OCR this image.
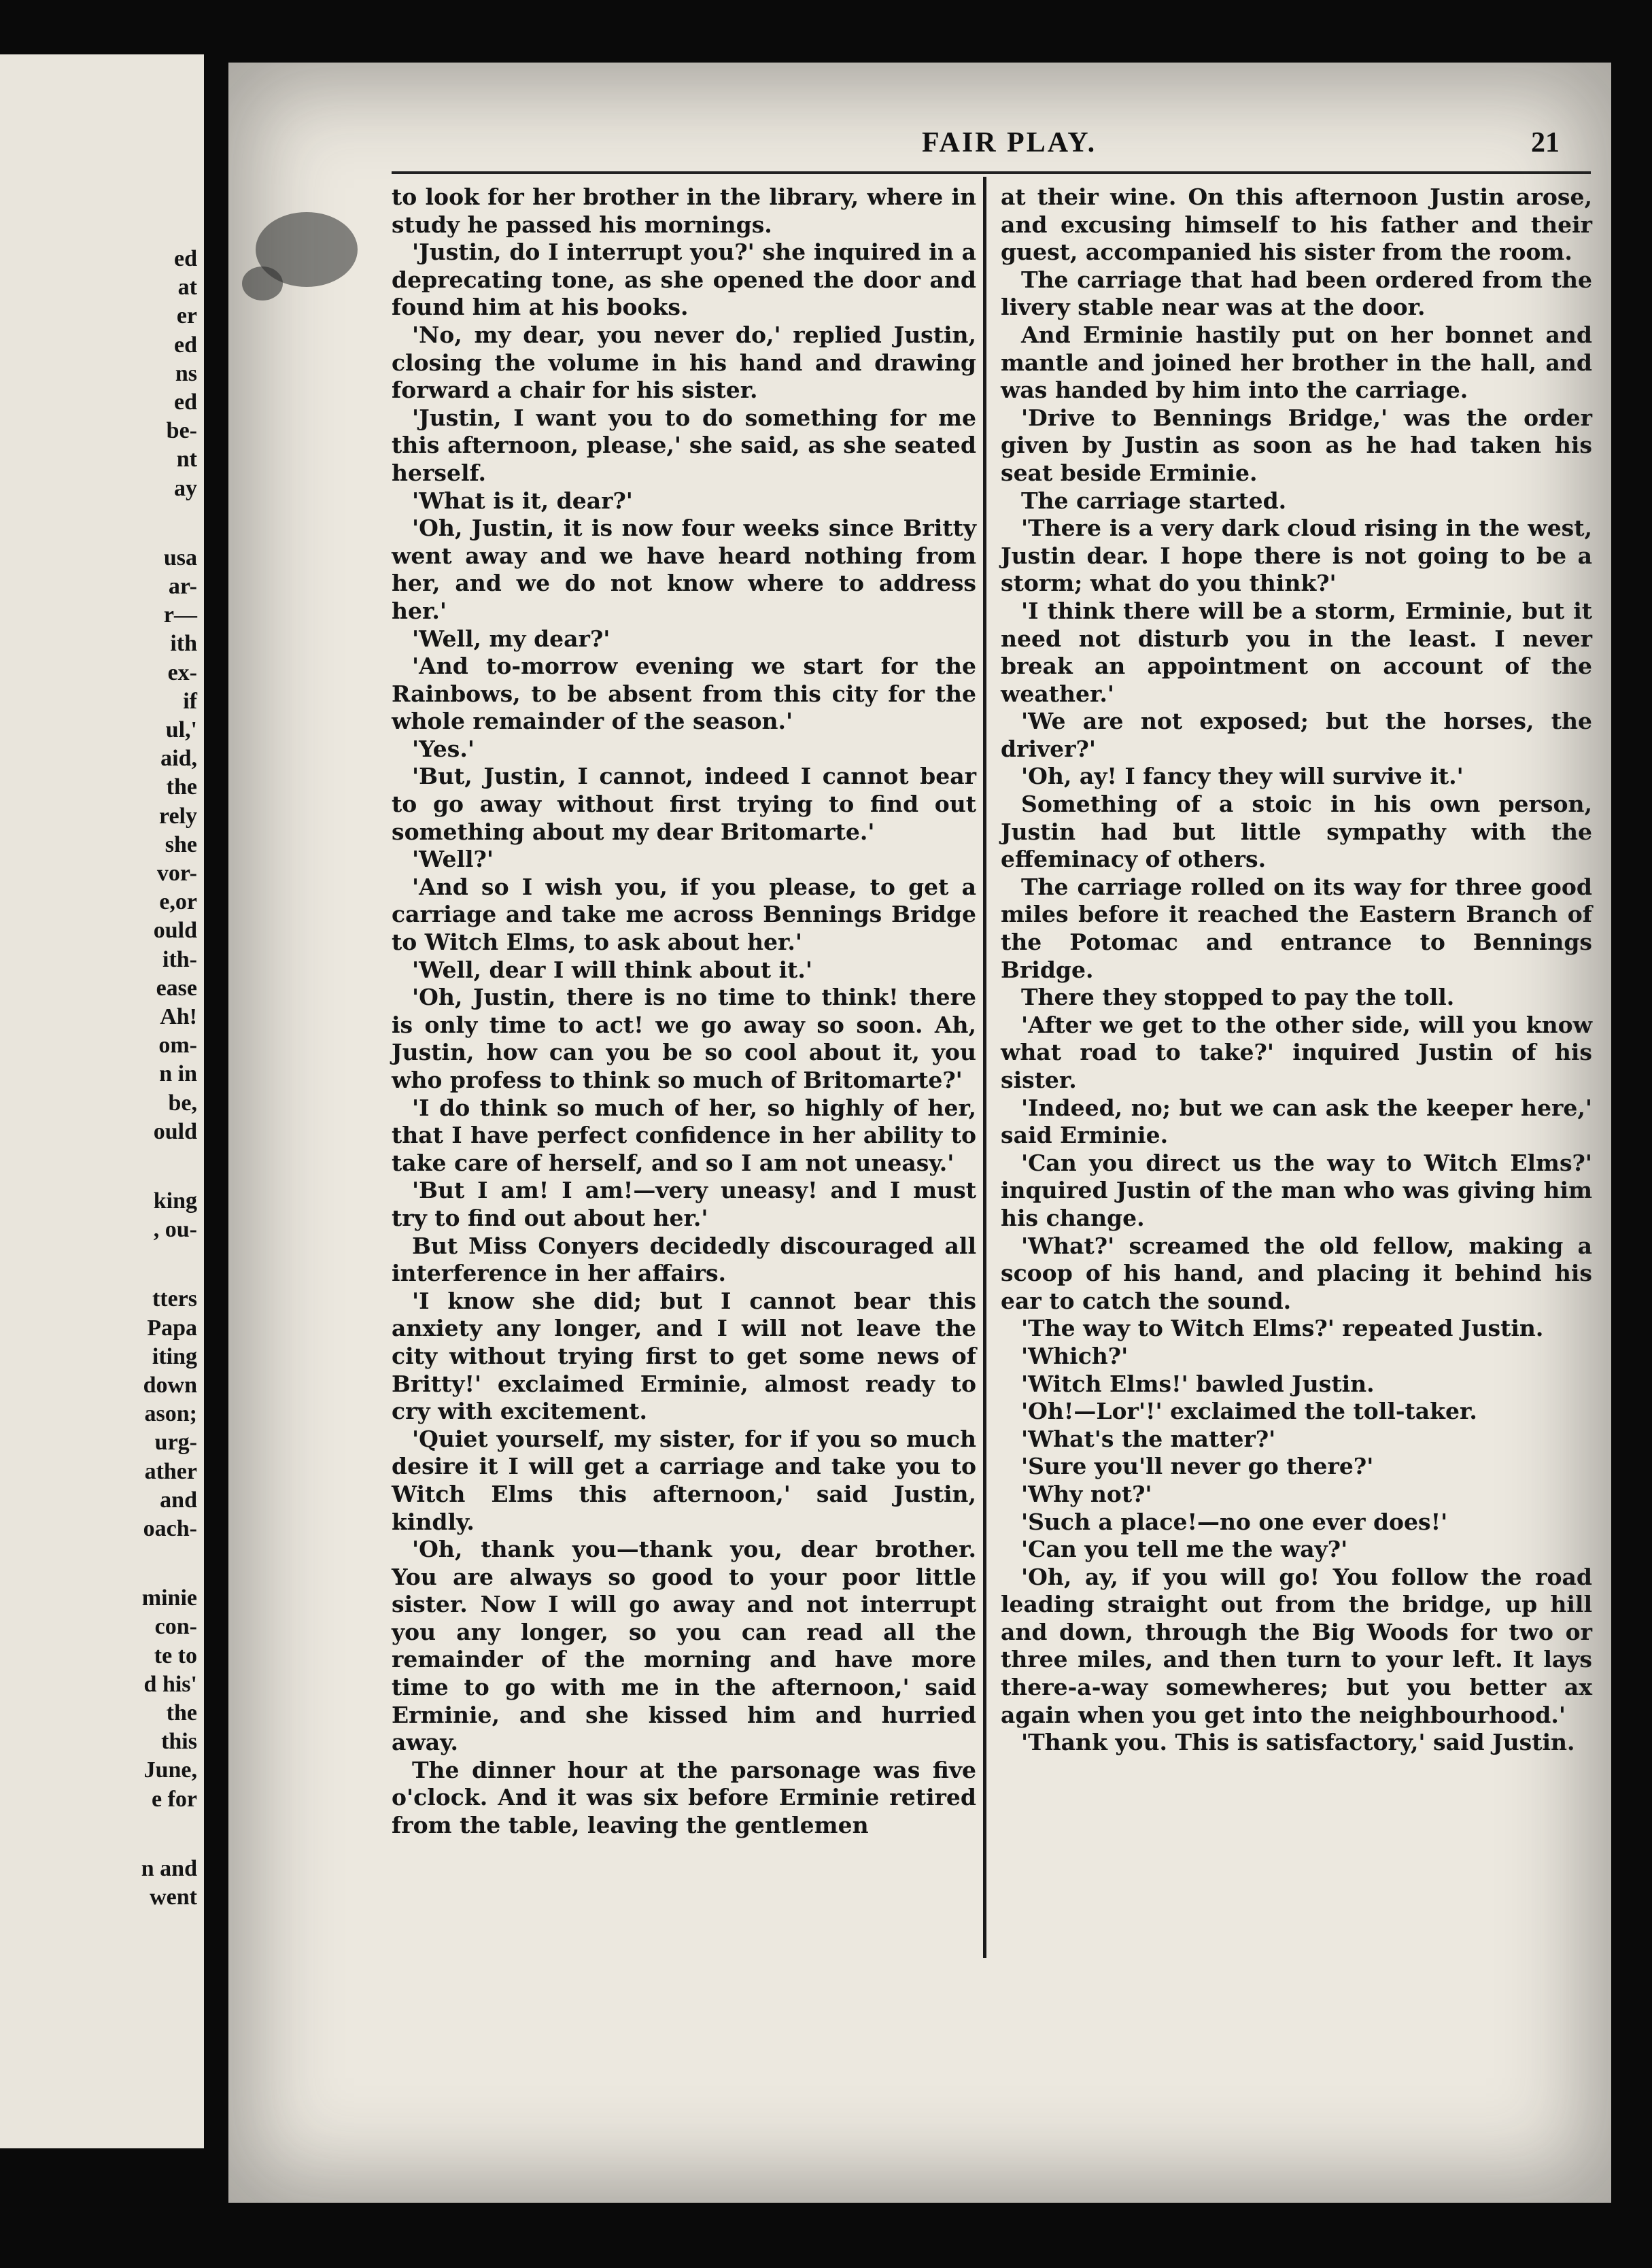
ed
at
er
ed
ns
ed
be-
nt
ay
usa
ar-
r—
ith
ex-
if
ul,'
aid,
the
rely
she
vor-
e,or
ould
ith-
ease
Ah!
om-
n in
be,
ould
king
, ou-
tters
Papa
iting
down
ason;
urg-
ather
and
oach-
minie
con-
te to
d his'
the
this
June,
e for
n and
went
FAIR PLAY.	21

to look for her brother in the library, where in study he passed his mornings.

'Justin, do I interrupt you?' she inquired in a deprecating tone, as she opened the door and found him at his books.

'No, my dear, you never do,' replied Justin, closing the volume in his hand and drawing forward a chair for his sister.

'Justin, I want you to do something for me this afternoon, please,' she said, as she seated herself.

'What is it, dear?'

'Oh, Justin, it is now four weeks since Britty went away and we have heard nothing from her, and we do not know where to address her.'

'Well, my dear?'

'And to-morrow evening we start for the Rainbows, to be absent from this city for the whole remainder of the season.'

'Yes.'

'But, Justin, I cannot, indeed I cannot bear to go away without first trying to find out something about my dear Britomarte.'

'Well?'

'And so I wish you, if you please, to get a carriage and take me across Bennings Bridge to Witch Elms, to ask about her.'

'Well, dear I will think about it.'

'Oh, Justin, there is no time to think! there is only time to act! we go away so soon. Ah, Justin, how can you be so cool about it, you who profess to think so much of Britomarte?'

'I do think so much of her, so highly of her, that I have perfect confidence in her ability to take care of herself, and so I am not uneasy.'

'But I am! I am!—very uneasy! and I must try to find out about her.'

But Miss Conyers decidedly discouraged all interference in her affairs.

'I know she did; but I cannot bear this anxiety any longer, and I will not leave the city without trying first to get some news of Britty!' exclaimed Erminie, almost ready to cry with excitement.

'Quiet yourself, my sister, for if you so much desire it I will get a carriage and take you to Witch Elms this afternoon,' said Justin, kindly.

'Oh, thank you—thank you, dear brother. You are always so good to your poor little sister. Now I will go away and not interrupt you any longer, so you can read all the remainder of the morning and have more time to go with me in the afternoon,' said Erminie, and she kissed him and hurried away.

The dinner hour at the parsonage was five o'clock. And it was six before Erminie retired from the table, leaving the gentlemen

at their wine. On this afternoon Justin arose, and excusing himself to his father and their guest, accompanied his sister from the room.

The carriage that had been ordered from the livery stable near was at the door.

And Erminie hastily put on her bonnet and mantle and joined her brother in the hall, and was handed by him into the carriage.

'Drive to Bennings Bridge,' was the order given by Justin as soon as he had taken his seat beside Erminie.

The carriage started.

'There is a very dark cloud rising in the west, Justin dear. I hope there is not going to be a storm; what do you think?'

'I think there will be a storm, Erminie, but it need not disturb you in the least. I never break an appointment on account of the weather.'

'We are not exposed; but the horses, the driver?'

'Oh, ay! I fancy they will survive it.'

Something of a stoic in his own person, Justin had but little sympathy with the effeminacy of others.

The carriage rolled on its way for three good miles before it reached the Eastern Branch of the Potomac and entrance to Bennings Bridge.

There they stopped to pay the toll.

'After we get to the other side, will you know what road to take?' inquired Justin of his sister.

'Indeed, no; but we can ask the keeper here,' said Erminie.

'Can you direct us the way to Witch Elms?' inquired Justin of the man who was giving him his change.

'What?' screamed the old fellow, making a scoop of his hand, and placing it behind his ear to catch the sound.

'The way to Witch Elms?' repeated Justin.

'Which?'

'Witch Elms!' bawled Justin.

'Oh!—Lor'!' exclaimed the toll-taker.

'What's the matter?'

'Sure you'll never go there?'

'Why not?'

'Such a place!—no one ever does!'

'Can you tell me the way?'

'Oh, ay, if you will go! You follow the road leading straight out from the bridge, up hill and down, through the Big Woods for two or three miles, and then turn to your left. It lays there-a-way somewheres; but you better ax again when you get into the neighbourhood.'

'Thank you. This is satisfactory,' said Justin.
